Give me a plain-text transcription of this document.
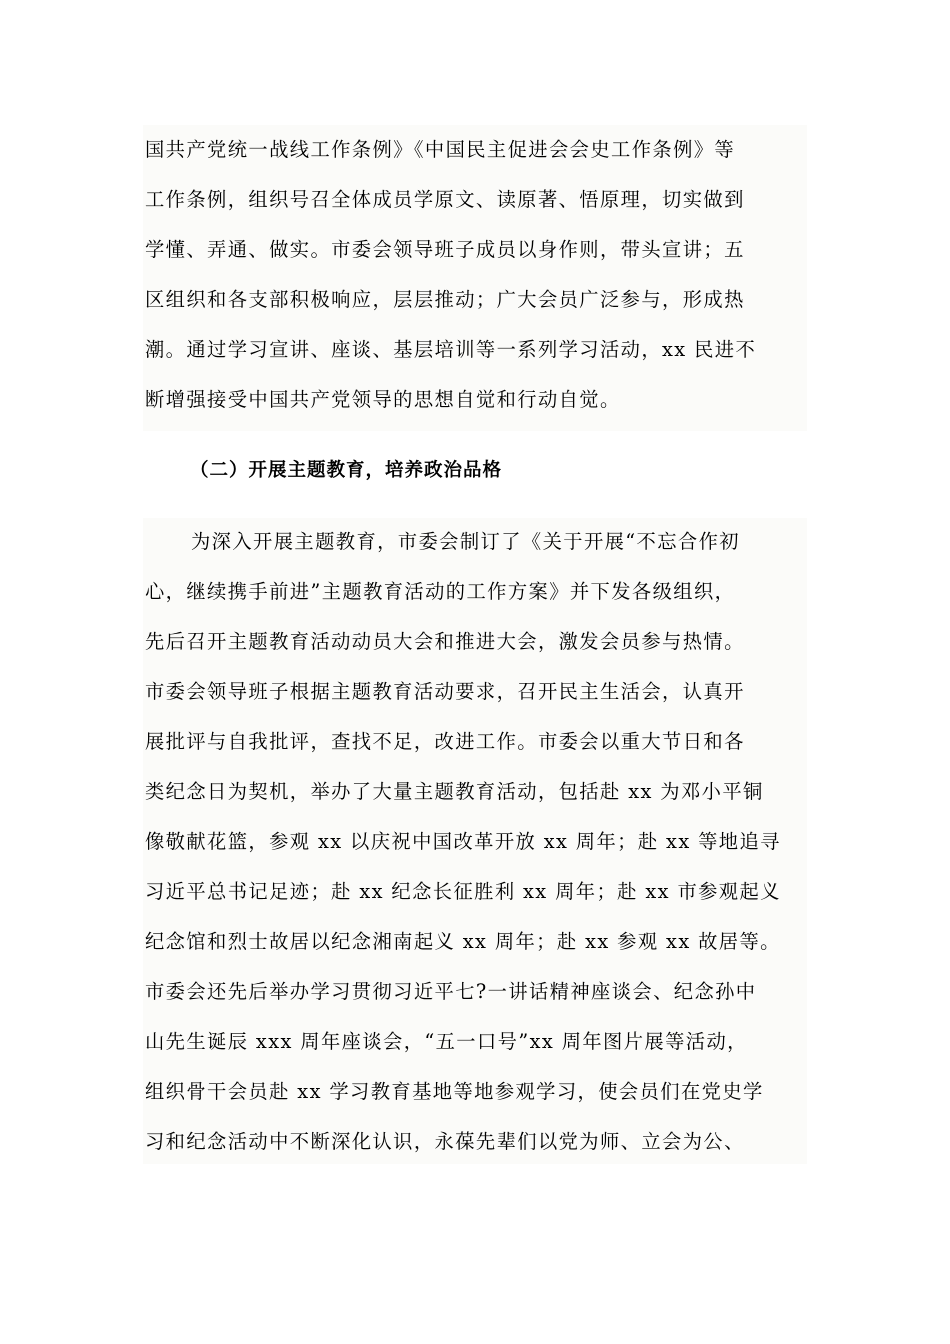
国共产党统一战线工作条例》《中国民主促进会会史工作条例》等
工作条例，组织号召全体成员学原文、读原著、悟原理，切实做到
学懂、弄通、做实。市委会领导班子成员以身作则，带头宣讲；五
区组织和各支部积极响应，层层推动；广大会员广泛参与，形成热
潮。通过学习宣讲、座谈、基层培训等一系列学习活动，xx 民进不
断增强接受中国共产党领导的思想自觉和行动自觉。
（二）开展主题教育，培养政治品格
为深入开展主题教育，市委会制订了《关于开展“不忘合作初
心，继续携手前进”主题教育活动的工作方案》并下发各级组织，
先后召开主题教育活动动员大会和推进大会，激发会员参与热情。
市委会领导班子根据主题教育活动要求，召开民主生活会，认真开
展批评与自我批评，查找不足，改进工作。市委会以重大节日和各
类纪念日为契机，举办了大量主题教育活动，包括赴 xx 为邓小平铜
像敬献花篮，参观 xx 以庆祝中国改革开放 xx 周年；赴 xx 等地追寻
习近平总书记足迹；赴 xx 纪念长征胜利 xx 周年；赴 xx 市参观起义
纪念馆和烈士故居以纪念湘南起义 xx 周年；赴 xx 参观 xx 故居等。
市委会还先后举办学习贯彻习近平七?一讲话精神座谈会、纪念孙中
山先生诞辰 xxx 周年座谈会，“五一口号”xx 周年图片展等活动，
组织骨干会员赴 xx 学习教育基地等地参观学习，使会员们在党史学
习和纪念活动中不断深化认识，永葆先辈们以党为师、立会为公、
